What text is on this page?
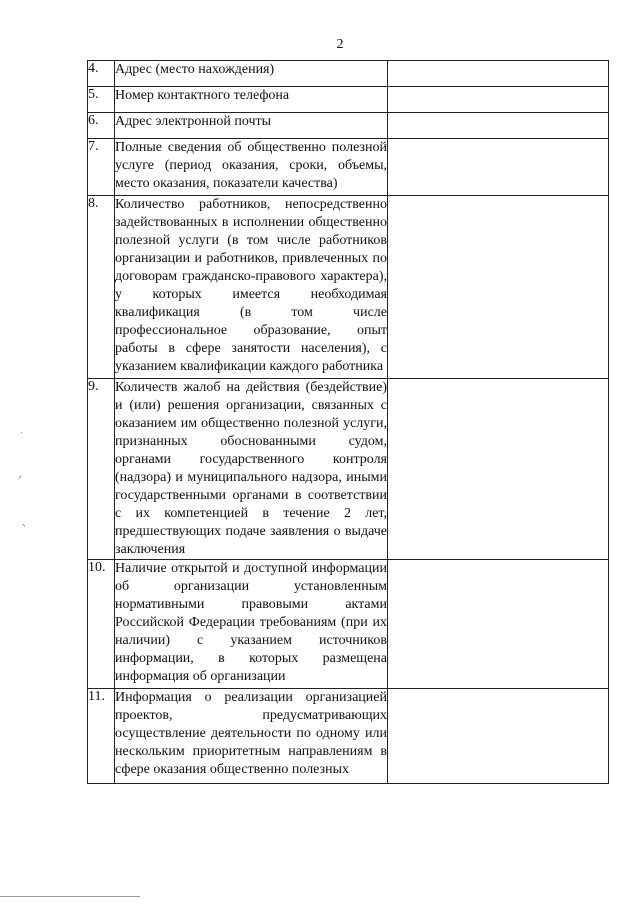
2
4.	Адрес (место нахождения)	
5.	Номер контактного телефона	
6.	Адрес электронной почты	
7.	Полные сведения об общественно полезной услуге (период оказания, сроки, объемы, место оказания, показатели качества)	
8.	Количество работников, непосредственно задействованных в исполнении общественно полезной услуги (в том числе работников организации и работников, привлеченных по договорам гражданско-правового характера), у которых имеется необходимая квалификация (в том числе профессиональное образование, опыт работы в сфере занятости населения), с указанием квалификации каждого работника	
9.	Количеств жалоб на действия (бездействие) и (или) решения организации, связанных с оказанием им общественно полезной услуги, признанных обоснованными судом, органами государственного контроля (надзора) и муниципального надзора, иными государственными органами в соответствии с их компетенцией в течение 2 лет, предшествующих подаче заявления о выдаче заключения	
10.	Наличие открытой и доступной информации об организации установленным нормативными правовыми актами Российской Федерации требованиям (при их наличии) с указанием источников информации, в которых размещена информация об организации	
11.	Информация о реализации организацией проектов, предусматривающих осуществление деятельности по одному или нескольким приоритетным направлениям в сфере оказания общественно полезных	
ᐧ
ᐟ
ᐠ
